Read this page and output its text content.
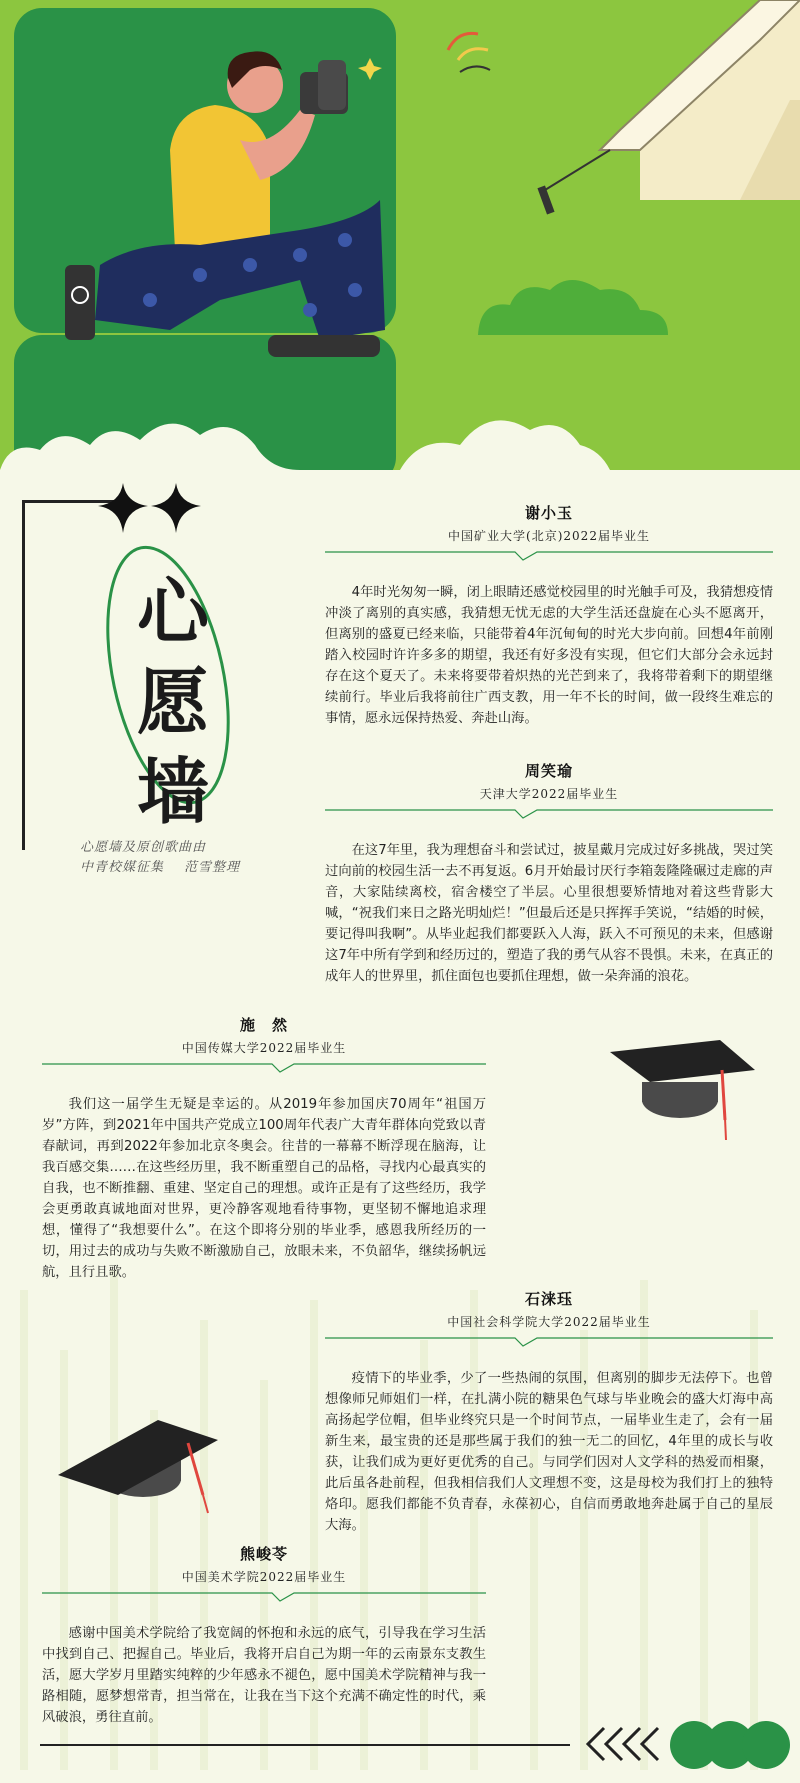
心
愿
墙
心愿墙及原创歌曲由
中青校媒征集 范雪整理
谢小玉
中国矿业大学(北京)2022届毕业生
4年时光匆匆一瞬，闭上眼睛还感觉校园里的时光触手可及，我猜想疫情冲淡了离别的真实感，我猜想无忧无虑的大学生活还盘旋在心头不愿离开，但离别的盛夏已经来临，只能带着4年沉甸甸的时光大步向前。回想4年前刚踏入校园时许许多多的期望，我还有好多没有实现，但它们大部分会永远封存在这个夏天了。未来将要带着炽热的光芒到来了，我将带着剩下的期望继续前行。毕业后我将前往广西支教，用一年不长的时间，做一段终生难忘的事情，愿永远保持热爱、奔赴山海。
周笑瑜
天津大学2022届毕业生
在这7年里，我为理想奋斗和尝试过，披星戴月完成过好多挑战，哭过笑过向前的校园生活一去不再复返。6月开始最讨厌行李箱轰隆隆碾过走廊的声音，大家陆续离校，宿舍楼空了半层。心里很想要矫情地对着这些背影大喊，“祝我们来日之路光明灿烂！”但最后还是只挥挥手笑说，“结婚的时候，要记得叫我啊”。从毕业起我们都要跃入人海，跃入不可预见的未来，但感谢这7年中所有学到和经历过的，塑造了我的勇气从容不畏惧。未来，在真正的成年人的世界里，抓住面包也要抓住理想，做一朵奔涌的浪花。
施　然
中国传媒大学2022届毕业生
我们这一届学生无疑是幸运的。从2019年参加国庆70周年“祖国万岁”方阵，到2021年中国共产党成立100周年代表广大青年群体向党致以青春献词，再到2022年参加北京冬奥会。往昔的一幕幕不断浮现在脑海，让我百感交集……在这些经历里，我不断重塑自己的品格，寻找内心最真实的自我，也不断推翻、重建、坚定自己的理想。或许正是有了这些经历，我学会更勇敢真诚地面对世界，更冷静客观地看待事物，更坚韧不懈地追求理想，懂得了“我想要什么”。在这个即将分别的毕业季，感恩我所经历的一切，用过去的成功与失败不断激励自己，放眼未来，不负韶华，继续扬帆远航，且行且歌。
石涞珏
中国社会科学院大学2022届毕业生
疫情下的毕业季，少了一些热闹的氛围，但离别的脚步无法停下。也曾想像师兄师姐们一样，在扎满小院的糖果色气球与毕业晚会的盛大灯海中高高扬起学位帽，但毕业终究只是一个时间节点，一届毕业生走了，会有一届新生来，最宝贵的还是那些属于我们的独一无二的回忆，4年里的成长与收获，让我们成为更好更优秀的自己。与同学们因对人文学科的热爱而相聚，此后虽各赴前程，但我相信我们人文理想不变，这是母校为我们打上的独特烙印。愿我们都能不负青春，永葆初心，自信而勇敢地奔赴属于自己的星辰大海。
熊峻苓
中国美术学院2022届毕业生
感谢中国美术学院给了我宽阔的怀抱和永远的底气，引导我在学习生活中找到自己、把握自己。毕业后，我将开启自己为期一年的云南景东支教生活，愿大学岁月里踏实纯粹的少年感永不褪色，愿中国美术学院精神与我一路相随，愿梦想常青，担当常在，让我在当下这个充满不确定性的时代，乘风破浪，勇往直前。
